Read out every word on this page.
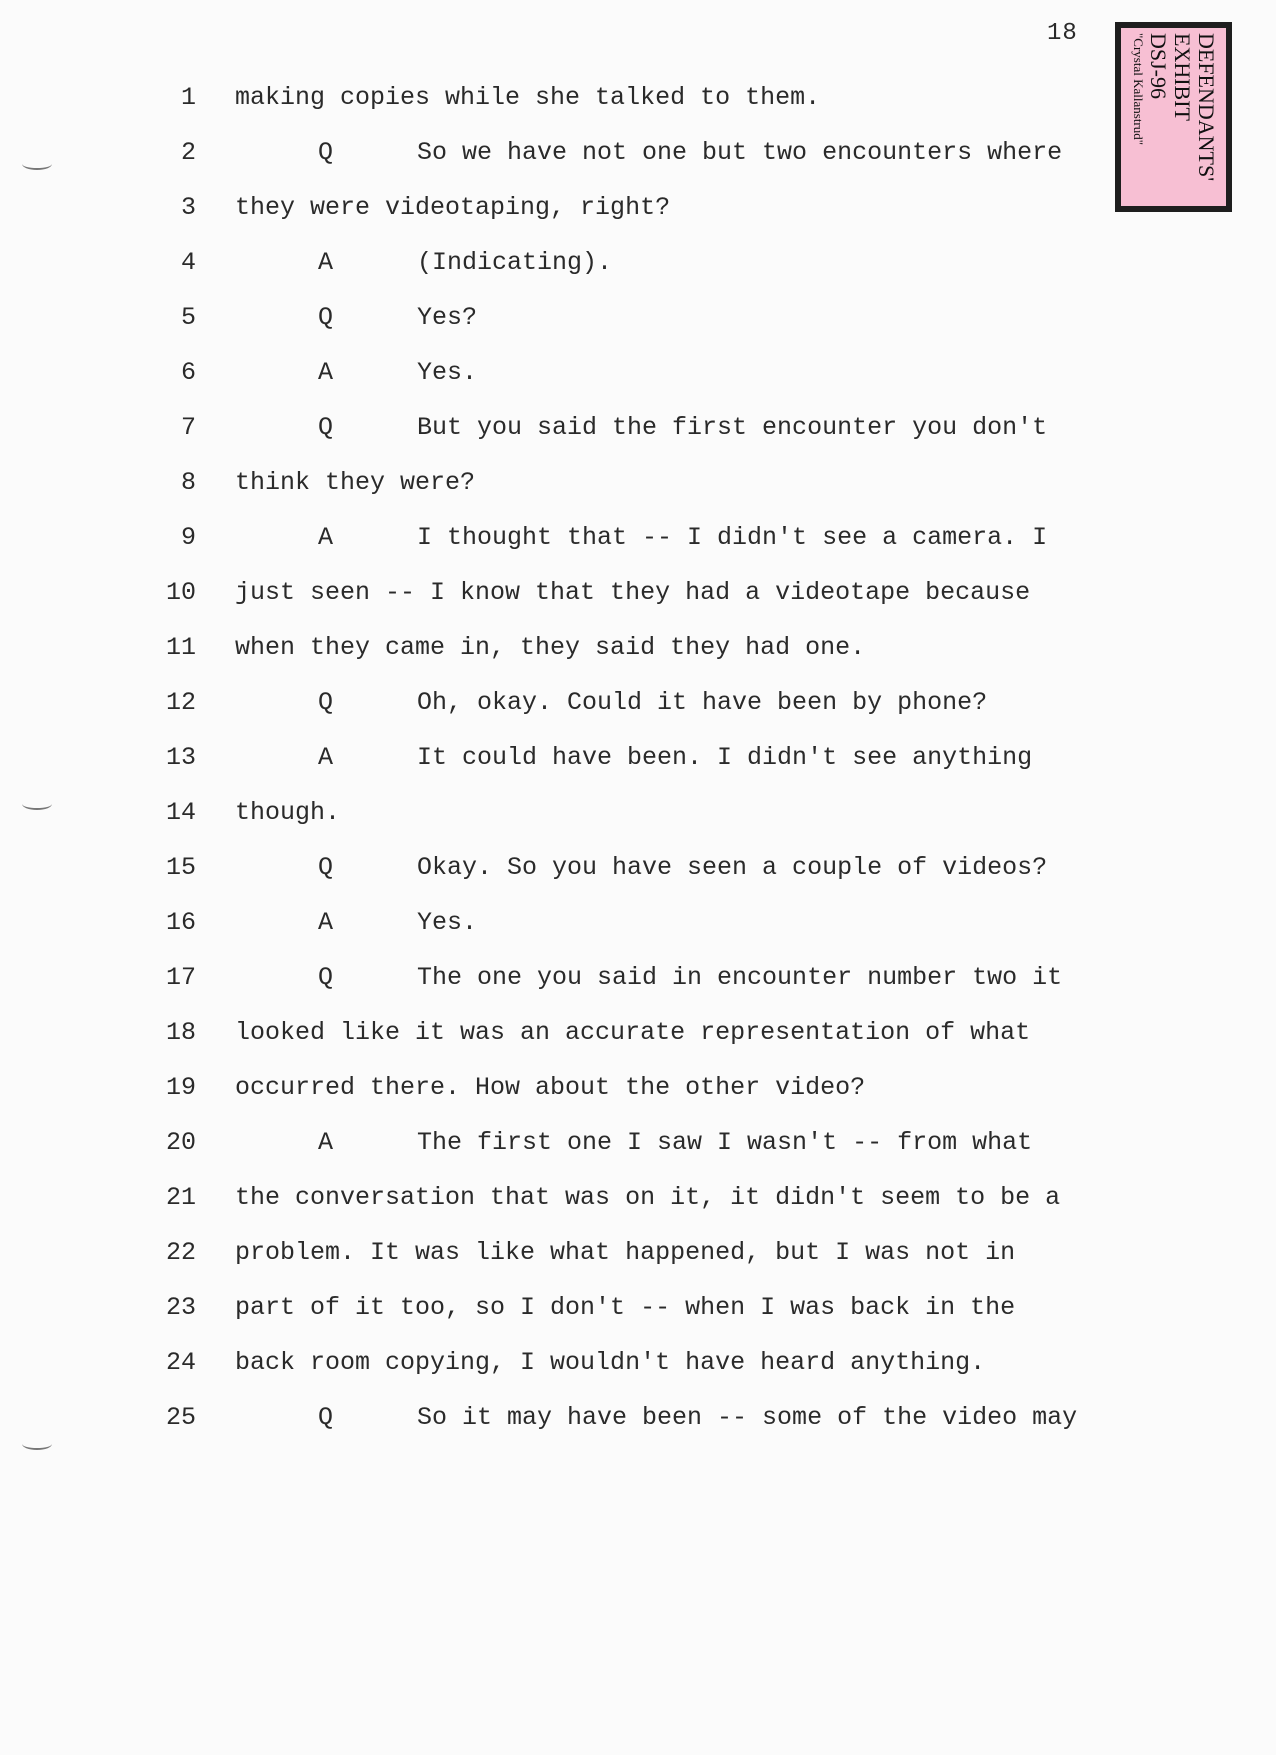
18	DEFENDANTS'
EXHIBIT
DSJ-96
"Crystal Kallanstrud"
1 making copies while she talked to them.
2	Q	So we have not one but two encounters where
3 they were videotaping, right?
4	A	(Indicating).
5	Q	Yes?
6	A	Yes.
7	Q	But you said the first encounter you don't
8 think they were?
9	A	I thought that -- I didn't see a camera. I
10 just seen -- I know that they had a videotape because
11 when they came in, they said they had one.
12	Q	Oh, okay. Could it have been by phone?
13	A	It could have been. I didn't see anything
14 though.
15	Q	Okay. So you have seen a couple of videos?
16	A	Yes.
17	Q	The one you said in encounter number two it
18 looked like it was an accurate representation of what
19 occurred there. How about the other video?
20	A	The first one I saw I wasn't -- from what
21 the conversation that was on it, it didn't seem to be a
22 problem. It was like what happened, but I was not in
23 part of it too, so I don't -- when I was back in the
24 back room copying, I wouldn't have heard anything.
25	Q	So it may have been -- some of the video may
